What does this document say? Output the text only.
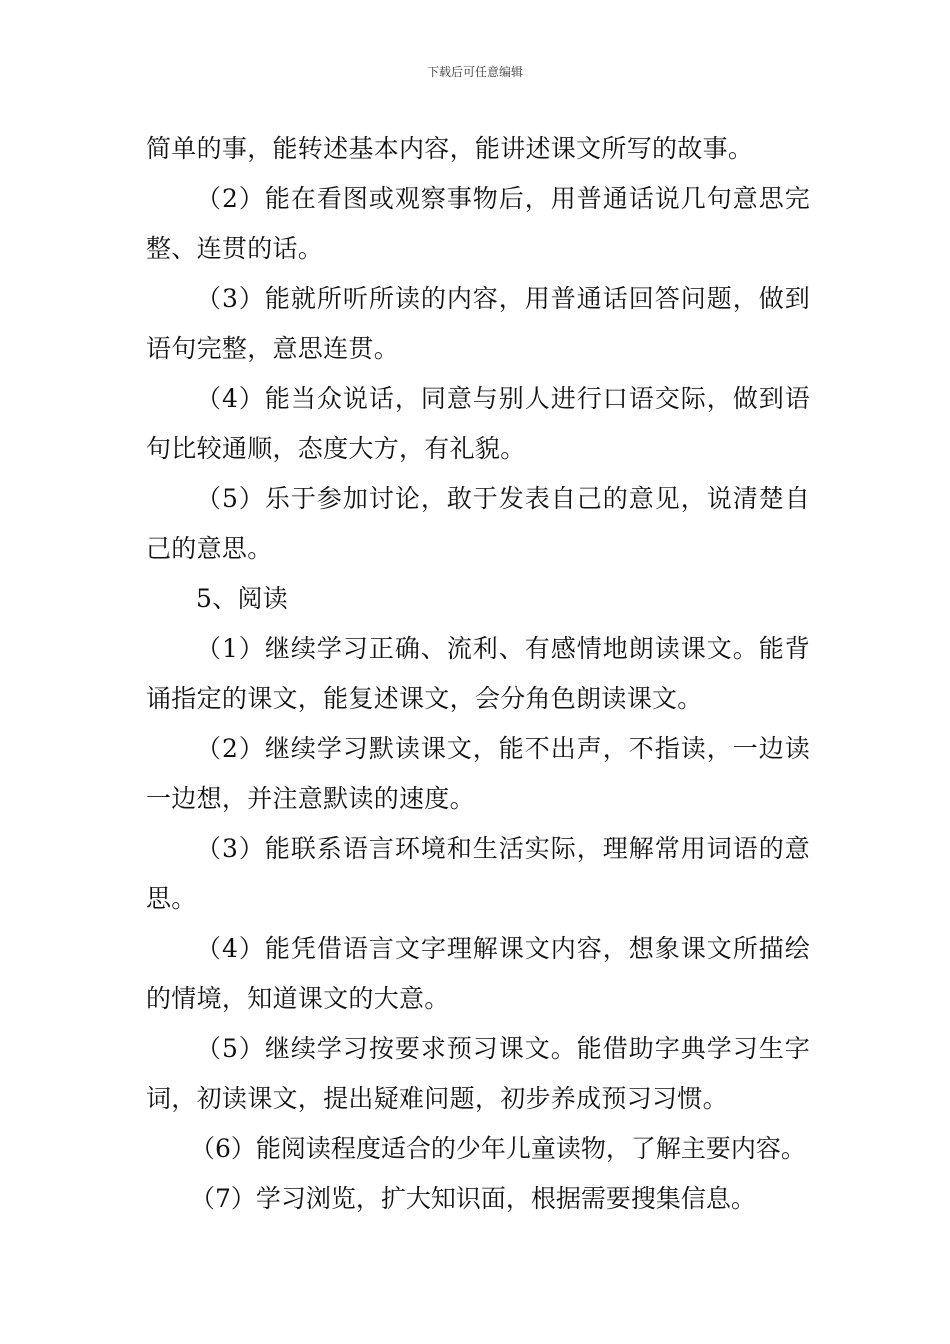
下载后可任意编辑

简单的事，能转述基本内容，能讲述课文所写的故事。

（2）能在看图或观察事物后，用普通话说几句意思完整、连贯的话。

（3）能就所听所读的内容，用普通话回答问题，做到语句完整，意思连贯。

（4）能当众说话，同意与别人进行口语交际，做到语句比较通顺，态度大方，有礼貌。

（5）乐于参加讨论，敢于发表自己的意见，说清楚自己的意思。

5、阅读

（1）继续学习正确、流利、有感情地朗读课文。能背诵指定的课文，能复述课文，会分角色朗读课文。

（2）继续学习默读课文，能不出声，不指读，一边读一边想，并注意默读的速度。

（3）能联系语言环境和生活实际，理解常用词语的意思。

（4）能凭借语言文字理解课文内容，想象课文所描绘的情境，知道课文的大意。

（5）继续学习按要求预习课文。能借助字典学习生字词，初读课文，提出疑难问题，初步养成预习习惯。

（6）能阅读程度适合的少年儿童读物，了解主要内容。

（7）学习浏览，扩大知识面，根据需要搜集信息。
